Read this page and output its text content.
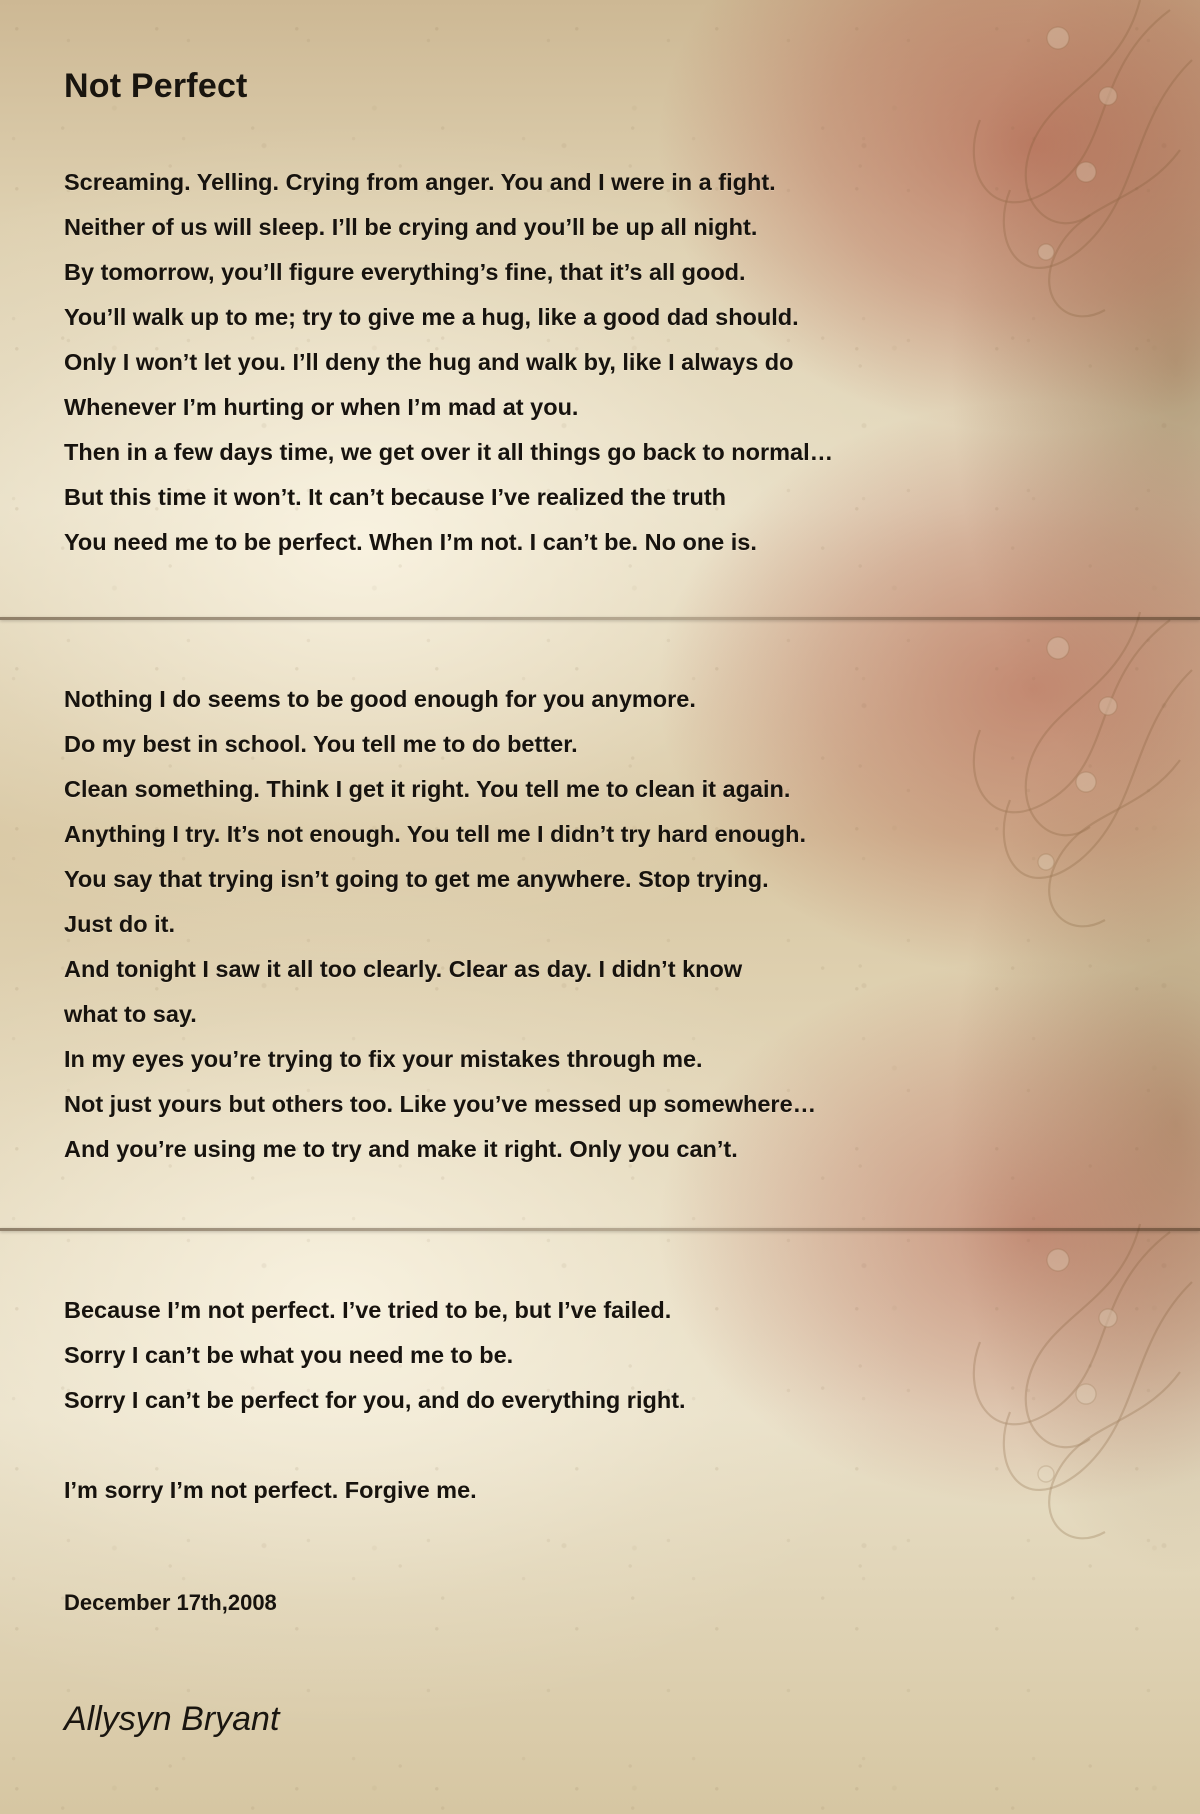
Not Perfect
Screaming. Yelling. Crying from anger. You and I were in a fight.
Neither of us will sleep. I’ll be crying and you’ll be up all night.
By tomorrow, you’ll figure everything’s fine, that it’s all good.
You’ll walk up to me; try to give me a hug, like a good dad should.
Only I won’t let you. I’ll deny the hug and walk by, like I always do
Whenever I’m hurting or when I’m mad at you.
Then in a few days time, we get over it all things go back to normal…
But this time it won’t. It can’t because I’ve realized the truth
You need me to be perfect. When I’m not. I can’t be. No one is.
Nothing I do seems to be good enough for you anymore.
Do my best in school. You tell me to do better.
Clean something. Think I get it right. You tell me to clean it again.
Anything I try. It’s not enough. You tell me I didn’t try hard enough.
You say that trying isn’t going to get me anywhere. Stop trying.
Just do it.
And tonight I saw it all too clearly. Clear as day. I didn’t know
what to say.
In my eyes you’re trying to fix your mistakes through me.
Not just yours but others too. Like you’ve messed up somewhere…
And you’re using me to try and make it right. Only you can’t.
Because I’m not perfect. I’ve tried to be, but I’ve failed.
Sorry I can’t be what you need me to be.
Sorry I can’t be perfect for you, and do everything right.
I’m sorry I’m not perfect. Forgive me.
December 17th,2008
Allysyn Bryant
